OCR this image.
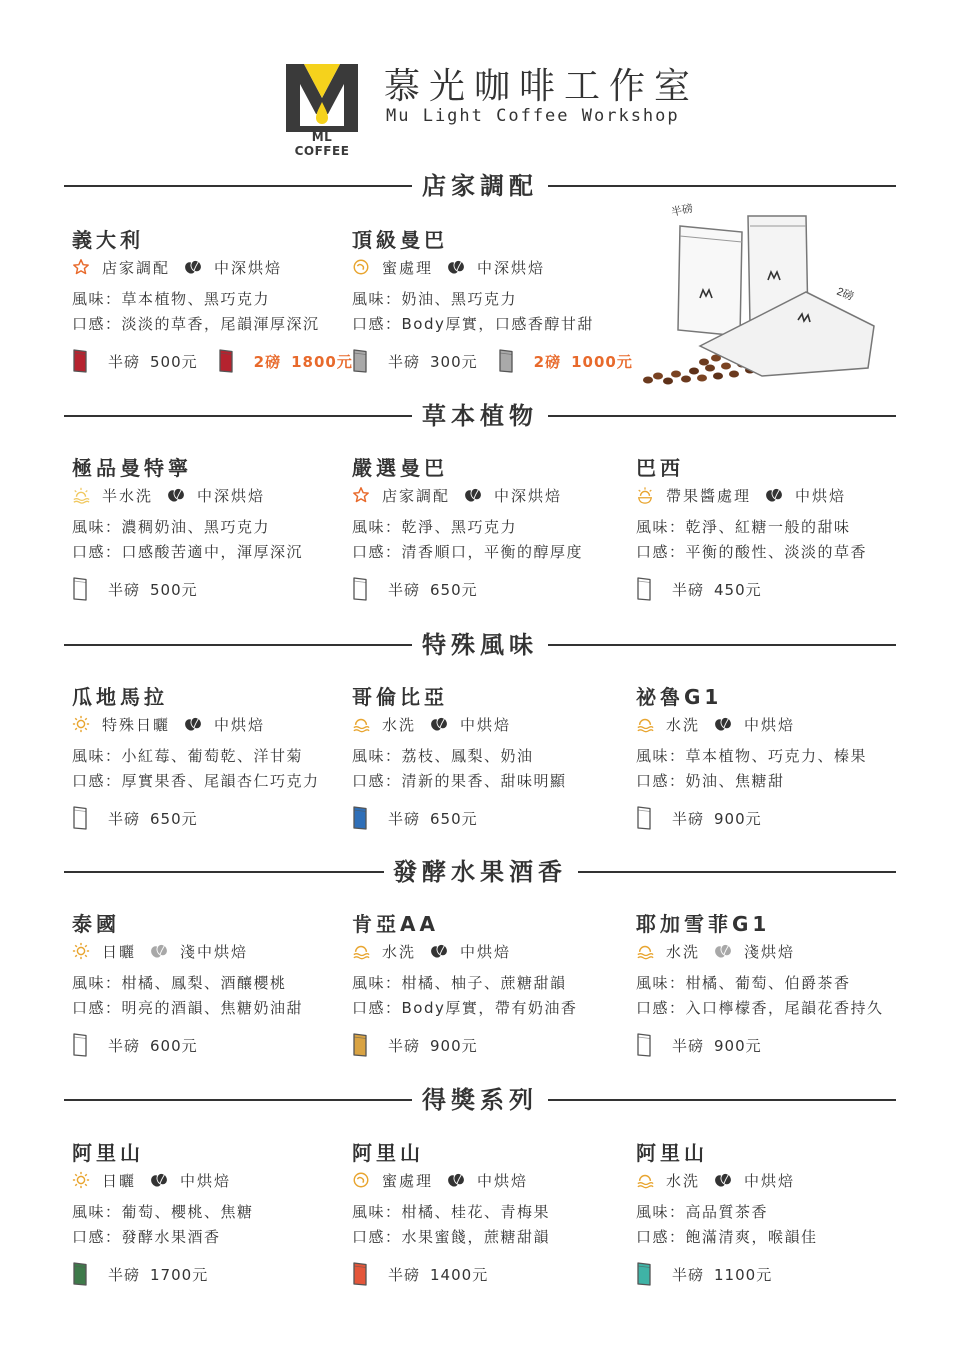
ML COFFEE
慕光咖啡工作室
Mu Light Coffee Workshop
店家調配
義大利
店家調配	中深烘焙
風味：草本植物、黑巧克力
口感：淡淡的草香，尾韻渾厚深沉
半磅 500元	2磅 1800元
頂級曼巴
蜜處理	中深烘焙
風味：奶油、黑巧克力
口感：Body厚實，口感香醇甘甜
半磅 300元	2磅 1000元
半磅
2磅
草本植物
極品曼特寧
半水洗	中深烘焙
風味：濃稠奶油、黑巧克力
口感：口感酸苦適中，渾厚深沉
半磅 500元
嚴選曼巴
店家調配	中深烘焙
風味：乾淨、黑巧克力
口感：清香順口，平衡的醇厚度
半磅 650元
巴西
帶果醬處理	中烘焙
風味：乾淨、紅糖一般的甜味
口感：平衡的酸性、淡淡的草香
半磅 450元
特殊風味
瓜地馬拉
特殊日曬	中烘焙
風味：小紅莓、葡萄乾、洋甘菊
口感：厚實果香、尾韻杏仁巧克力
半磅 650元
哥倫比亞
水洗	中烘焙
風味：荔枝、鳳梨、奶油
口感：清新的果香、甜味明顯
半磅 650元
祕魯G1
水洗	中烘焙
風味：草本植物、巧克力、榛果
口感：奶油、焦糖甜
半磅 900元
發酵水果酒香
泰國
日曬	淺中烘焙
風味：柑橘、鳳梨、酒釀櫻桃
口感：明亮的酒韻、焦糖奶油甜
半磅 600元
肯亞AA
水洗	中烘焙
風味：柑橘、柚子、蔗糖甜韻
口感：Body厚實，帶有奶油香
半磅 900元
耶加雪菲G1
水洗	淺烘焙
風味：柑橘、葡萄、伯爵茶香
口感：入口檸檬香，尾韻花香持久
半磅 900元
得獎系列
阿里山
日曬	中烘焙
風味：葡萄、櫻桃、焦糖
口感：發酵水果酒香
半磅 1700元
阿里山
蜜處理	中烘焙
風味：柑橘、桂花、青梅果
口感：水果蜜餞，蔗糖甜韻
半磅 1400元
阿里山
水洗	中烘焙
風味：高品質茶香
口感：飽滿清爽，喉韻佳
半磅 1100元
